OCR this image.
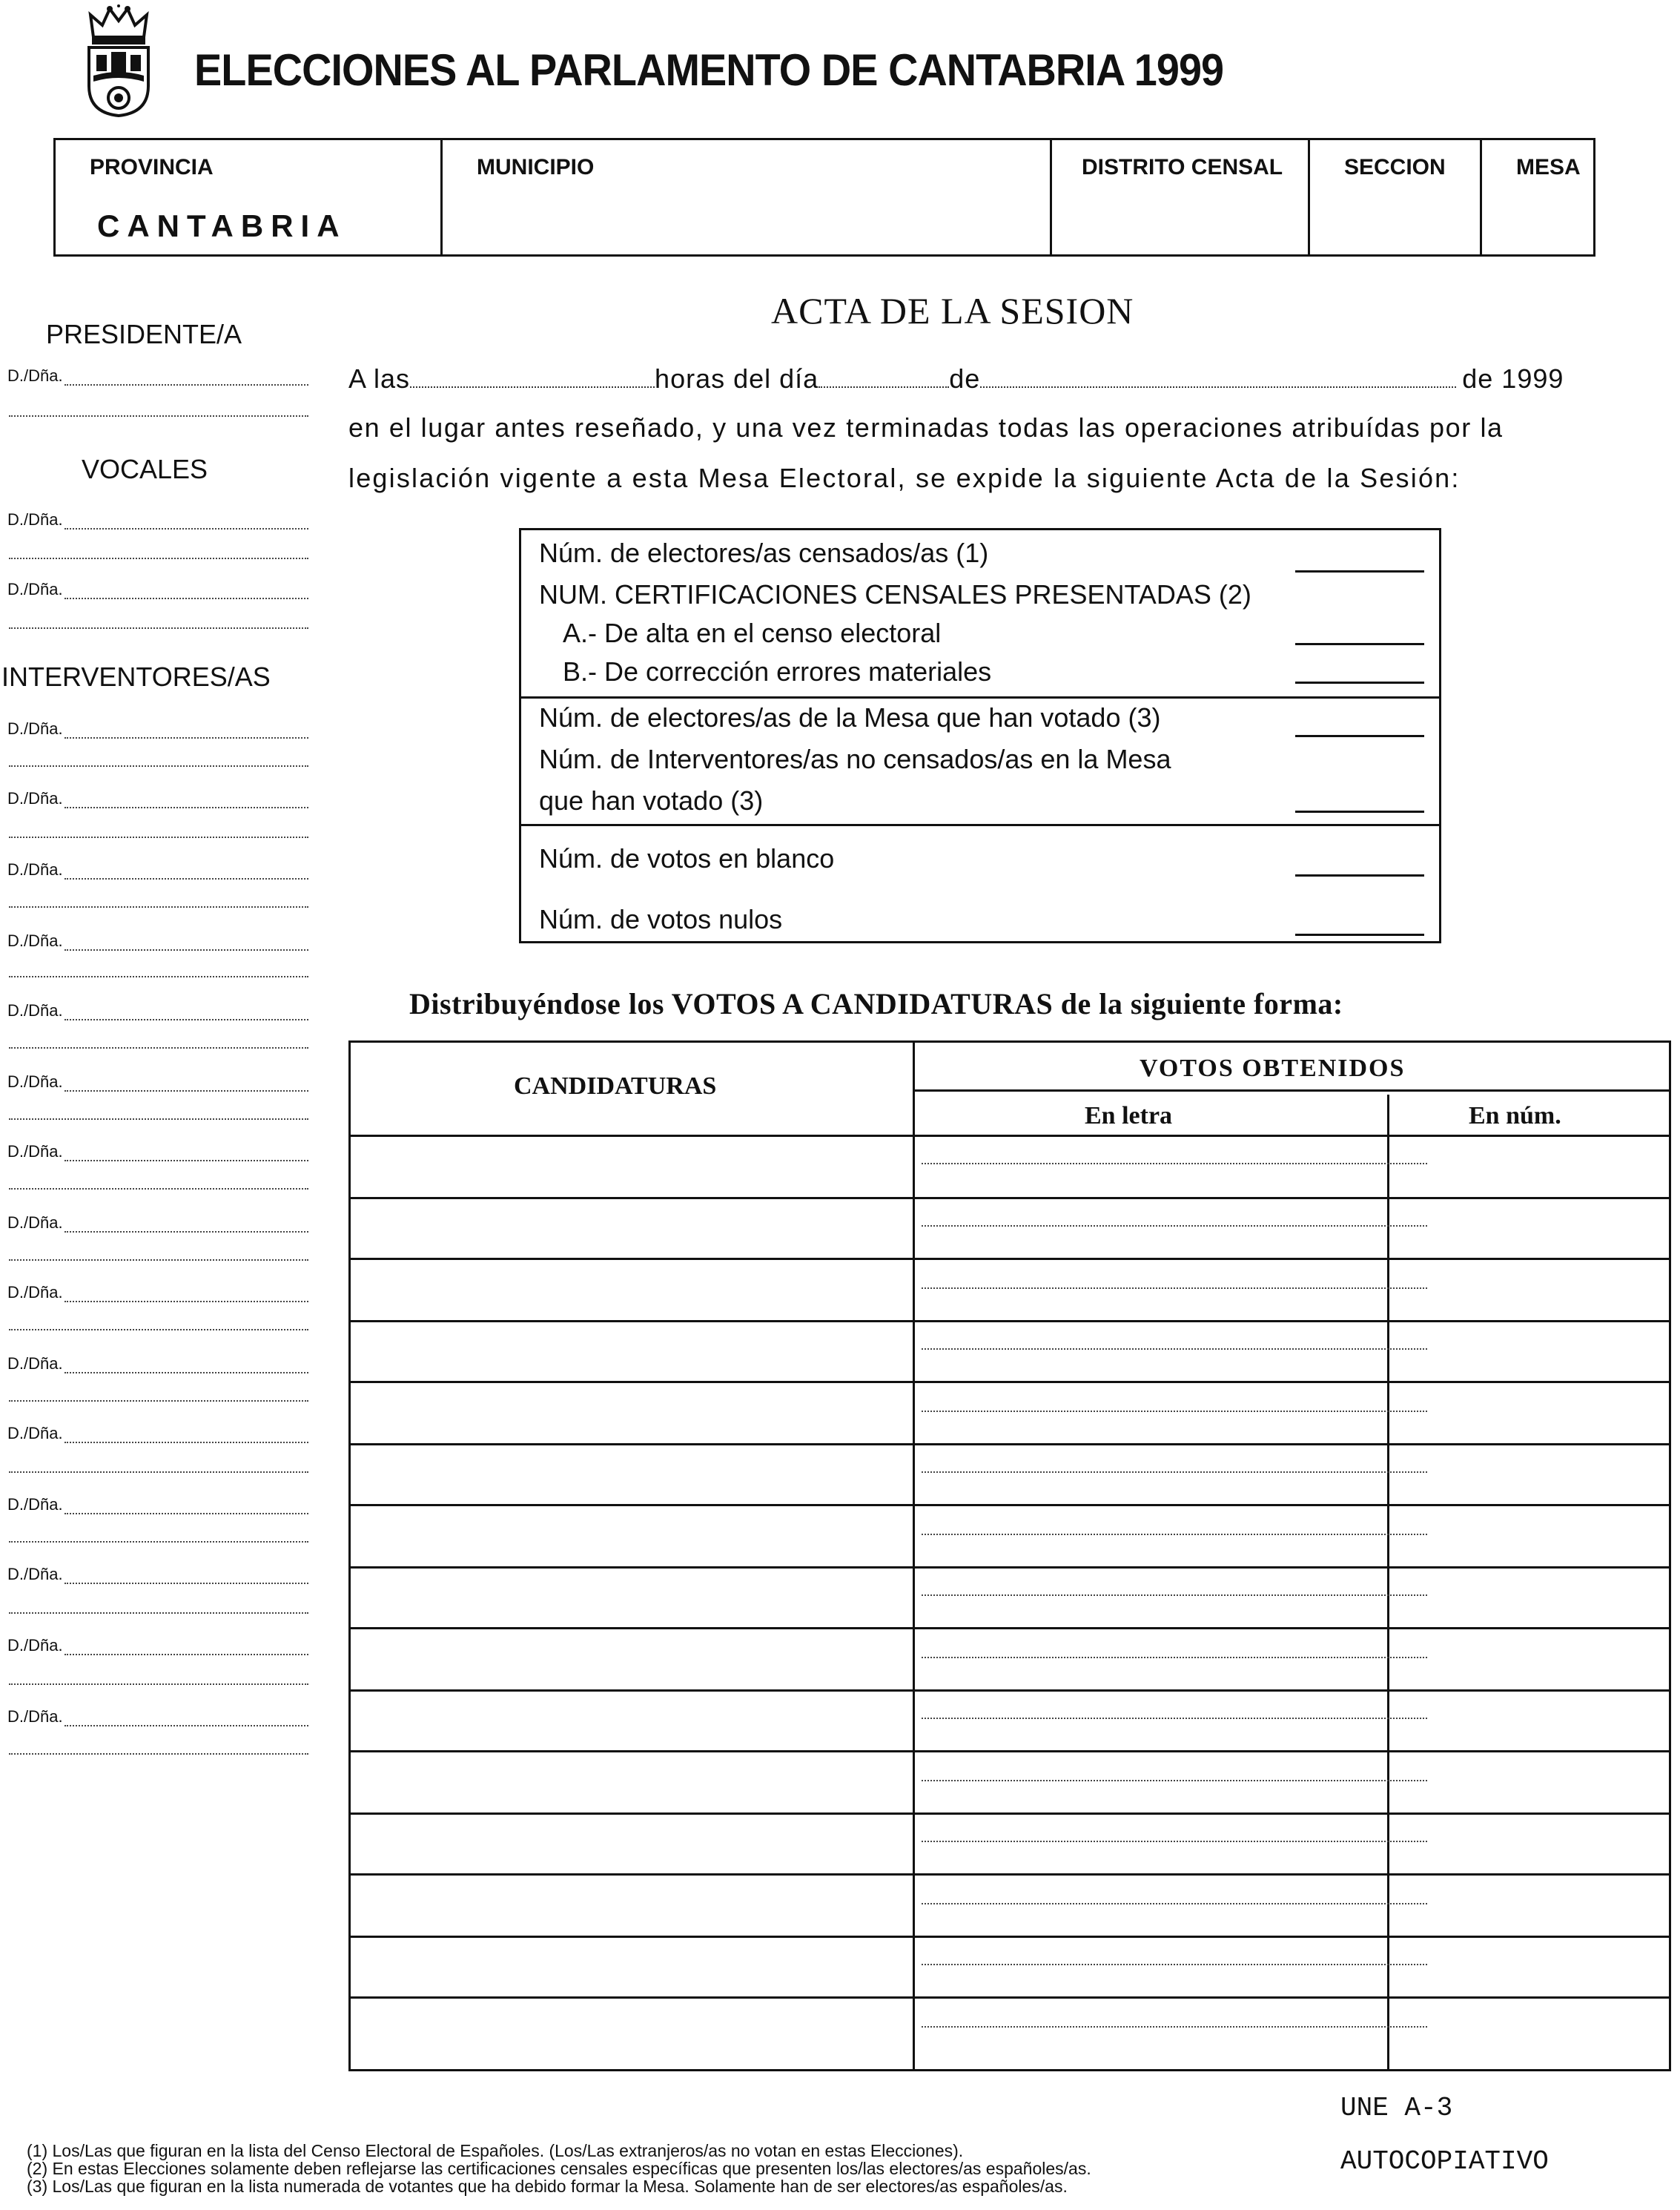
ELECCIONES AL PARLAMENTO DE CANTABRIA 1999
PROVINCIA
CANTABRIA
MUNICIPIO	DISTRITO CENSAL	SECCION	MESA
PRESIDENTE/A
D./Dña.
VOCALES
D./Dña.
D./Dña.
INTERVENTORES/AS
D./Dña.
D./Dña.
D./Dña.
D./Dña.
D./Dña.
D./Dña.
D./Dña.
D./Dña.
D./Dña.
D./Dña.
D./Dña.
D./Dña.
D./Dña.
D./Dña.
D./Dña.
ACTA DE LA SESION
A las	horas del día	de	de 1999
en el lugar antes reseñado, y una vez terminadas todas las operaciones atribuídas por la
legislación vigente a esta Mesa Electoral, se expide la siguiente Acta de la Sesión:
Núm. de electores/as censados/as (1)
NUM. CERTIFICACIONES CENSALES PRESENTADAS (2)
A.- De alta en el censo electoral
B.- De corrección errores materiales
Núm. de electores/as de la Mesa que han votado (3)
Núm. de Interventores/as no censados/as en la Mesa
que han votado (3)
Núm. de votos en blanco
Núm. de votos nulos
Distribuyéndose los VOTOS A CANDIDATURAS de la siguiente forma:
CANDIDATURAS
VOTOS OBTENIDOS
En letra	En núm.
UNE A-3
AUTOCOPIATIVO
(1) Los/Las que figuran en la lista del Censo Electoral de Españoles. (Los/Las extranjeros/as no votan en estas Elecciones).
(2) En estas Elecciones solamente deben reflejarse las certificaciones censales específicas que presenten los/las electores/as españoles/as.
(3) Los/Las que figuran en la lista numerada de votantes que ha debido formar la Mesa. Solamente han de ser electores/as españoles/as.
